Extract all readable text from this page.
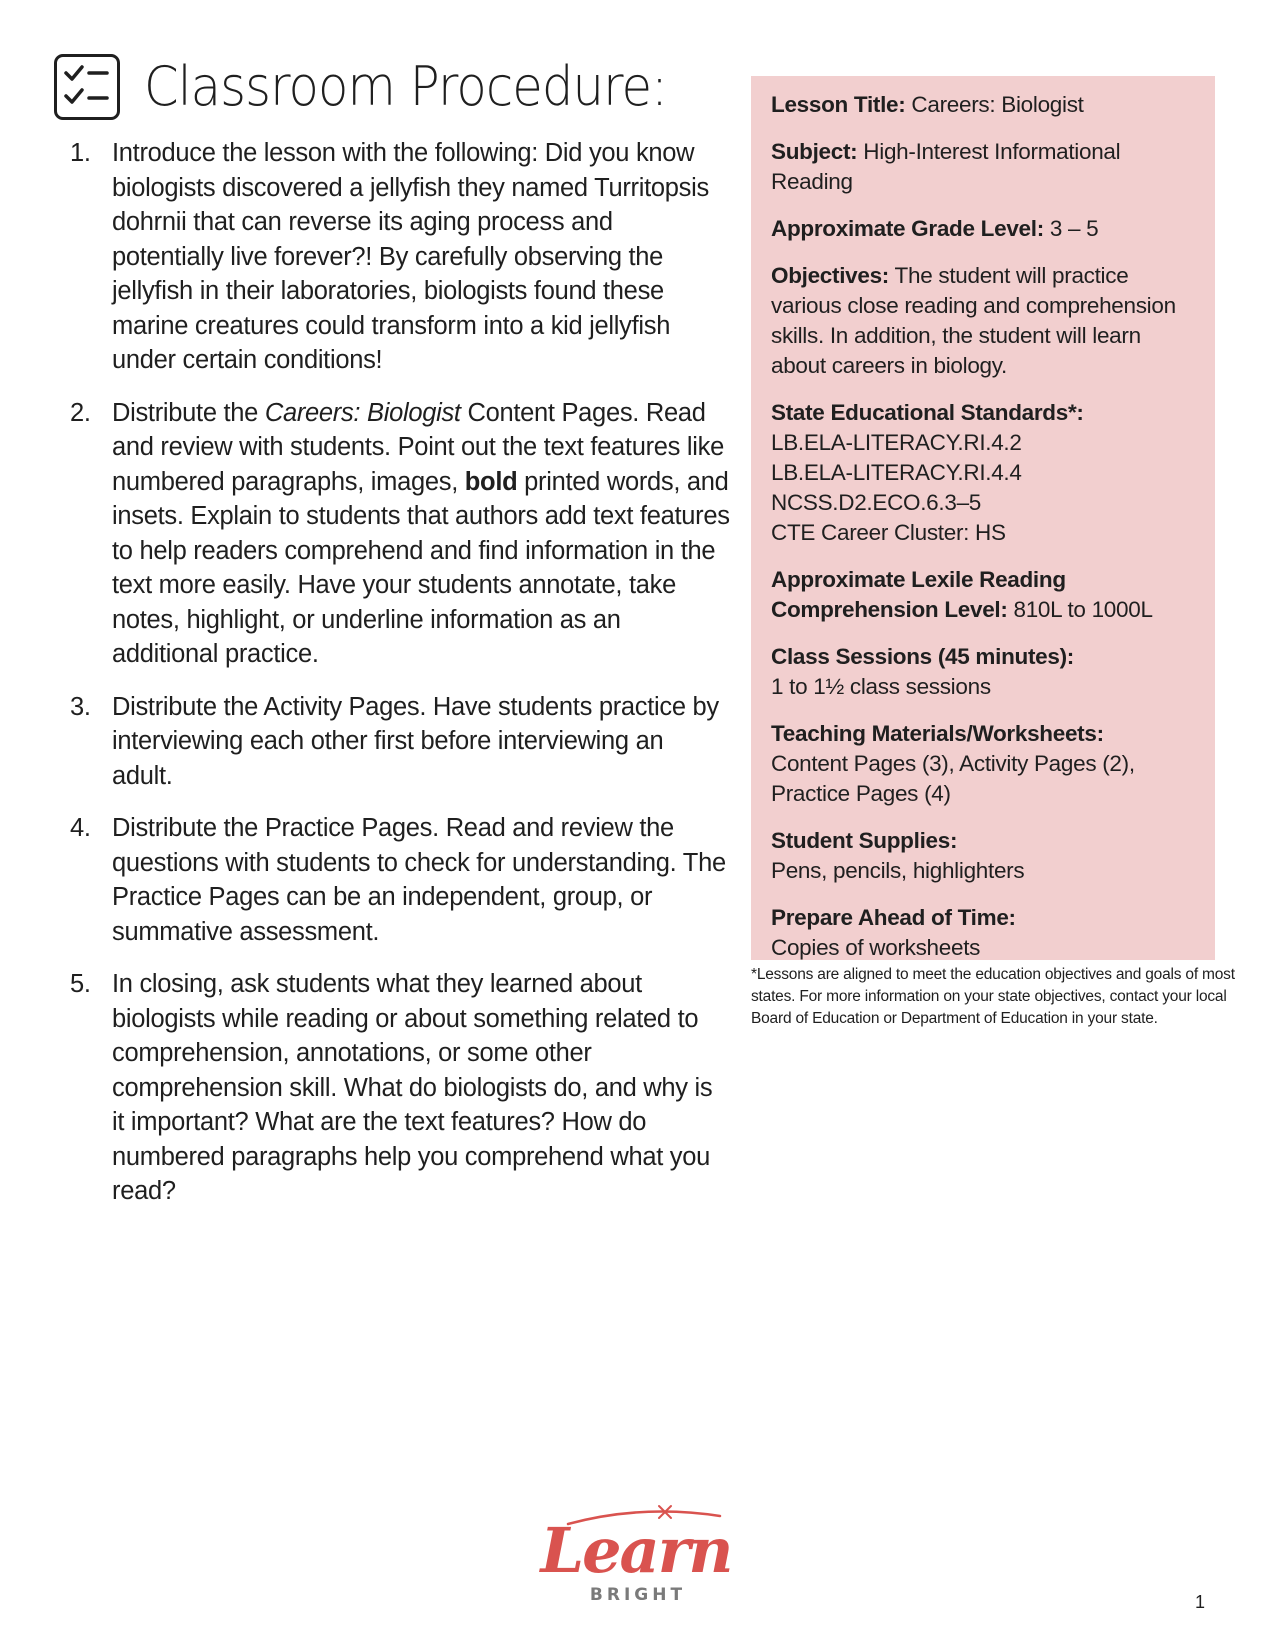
Classroom Procedure:
1. Introduce the lesson with the following: Did you know biologists discovered a jellyfish they named Turritopsis dohrnii that can reverse its aging process and potentially live forever?! By carefully observing the jellyfish in their laboratories, biologists found these marine creatures could transform into a kid jellyfish under certain conditions!
2. Distribute the Careers: Biologist Content Pages. Read and review with students. Point out the text features like numbered paragraphs, images, bold printed words, and insets. Explain to students that authors add text features to help readers comprehend and find information in the text more easily. Have your students annotate, take notes, highlight, or underline information as an additional practice.
3. Distribute the Activity Pages. Have students practice by interviewing each other first before interviewing an adult.
4. Distribute the Practice Pages. Read and review the questions with students to check for understanding. The Practice Pages can be an independent, group, or summative assessment.
5. In closing, ask students what they learned about biologists while reading or about something related to comprehension, annotations, or some other comprehension skill. What do biologists do, and why is it important? What are the text features? How do numbered paragraphs help you comprehend what you read?
Lesson Title: Careers: Biologist
Subject: High-Interest Informational Reading
Approximate Grade Level: 3 – 5
Objectives: The student will practice various close reading and comprehension skills. In addition, the student will learn about careers in biology.
State Educational Standards*:
LB.ELA-LITERACY.RI.4.2
LB.ELA-LITERACY.RI.4.4
NCSS.D2.ECO.6.3–5
CTE Career Cluster: HS
Approximate Lexile Reading Comprehension Level: 810L to 1000L
Class Sessions (45 minutes):
1 to 1½ class sessions
Teaching Materials/Worksheets:
Content Pages (3), Activity Pages (2), Practice Pages (4)
Student Supplies:
Pens, pencils, highlighters
Prepare Ahead of Time:
Copies of worksheets
*Lessons are aligned to meet the education objectives and goals of most states. For more information on your state objectives, contact your local Board of Education or Department of Education in your state.
Learn
BRIGHT	1
